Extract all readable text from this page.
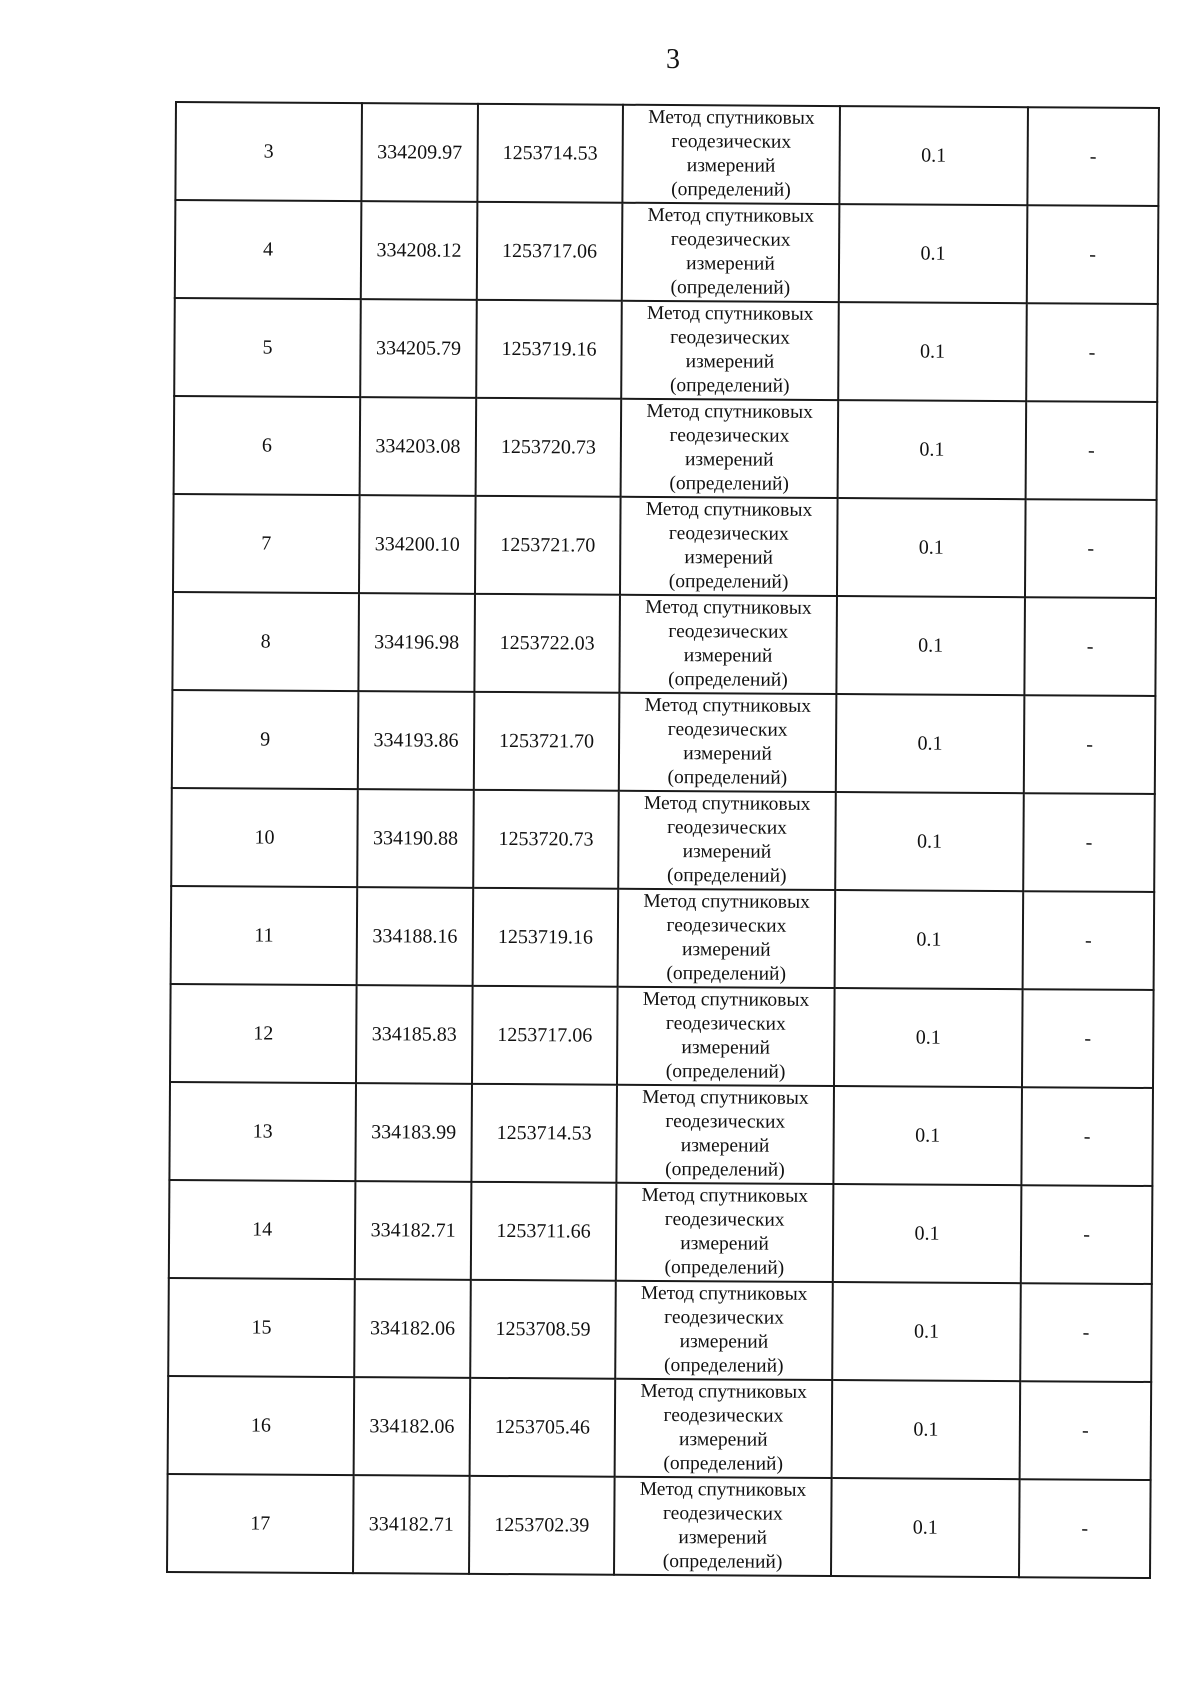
3
3	334209.97	1253714.53	Метод спутниковых
геодезических
измерений
(определений)	0.1	-
4	334208.12	1253717.06	Метод спутниковых
геодезических
измерений
(определений)	0.1	-
5	334205.79	1253719.16	Метод спутниковых
геодезических
измерений
(определений)	0.1	-
6	334203.08	1253720.73	Метод спутниковых
геодезических
измерений
(определений)	0.1	-
7	334200.10	1253721.70	Метод спутниковых
геодезических
измерений
(определений)	0.1	-
8	334196.98	1253722.03	Метод спутниковых
геодезических
измерений
(определений)	0.1	-
9	334193.86	1253721.70	Метод спутниковых
геодезических
измерений
(определений)	0.1	-
10	334190.88	1253720.73	Метод спутниковых
геодезических
измерений
(определений)	0.1	-
11	334188.16	1253719.16	Метод спутниковых
геодезических
измерений
(определений)	0.1	-
12	334185.83	1253717.06	Метод спутниковых
геодезических
измерений
(определений)	0.1	-
13	334183.99	1253714.53	Метод спутниковых
геодезических
измерений
(определений)	0.1	-
14	334182.71	1253711.66	Метод спутниковых
геодезических
измерений
(определений)	0.1	-
15	334182.06	1253708.59	Метод спутниковых
геодезических
измерений
(определений)	0.1	-
16	334182.06	1253705.46	Метод спутниковых
геодезических
измерений
(определений)	0.1	-
17	334182.71	1253702.39	Метод спутниковых
геодезических
измерений
(определений)	0.1	-
